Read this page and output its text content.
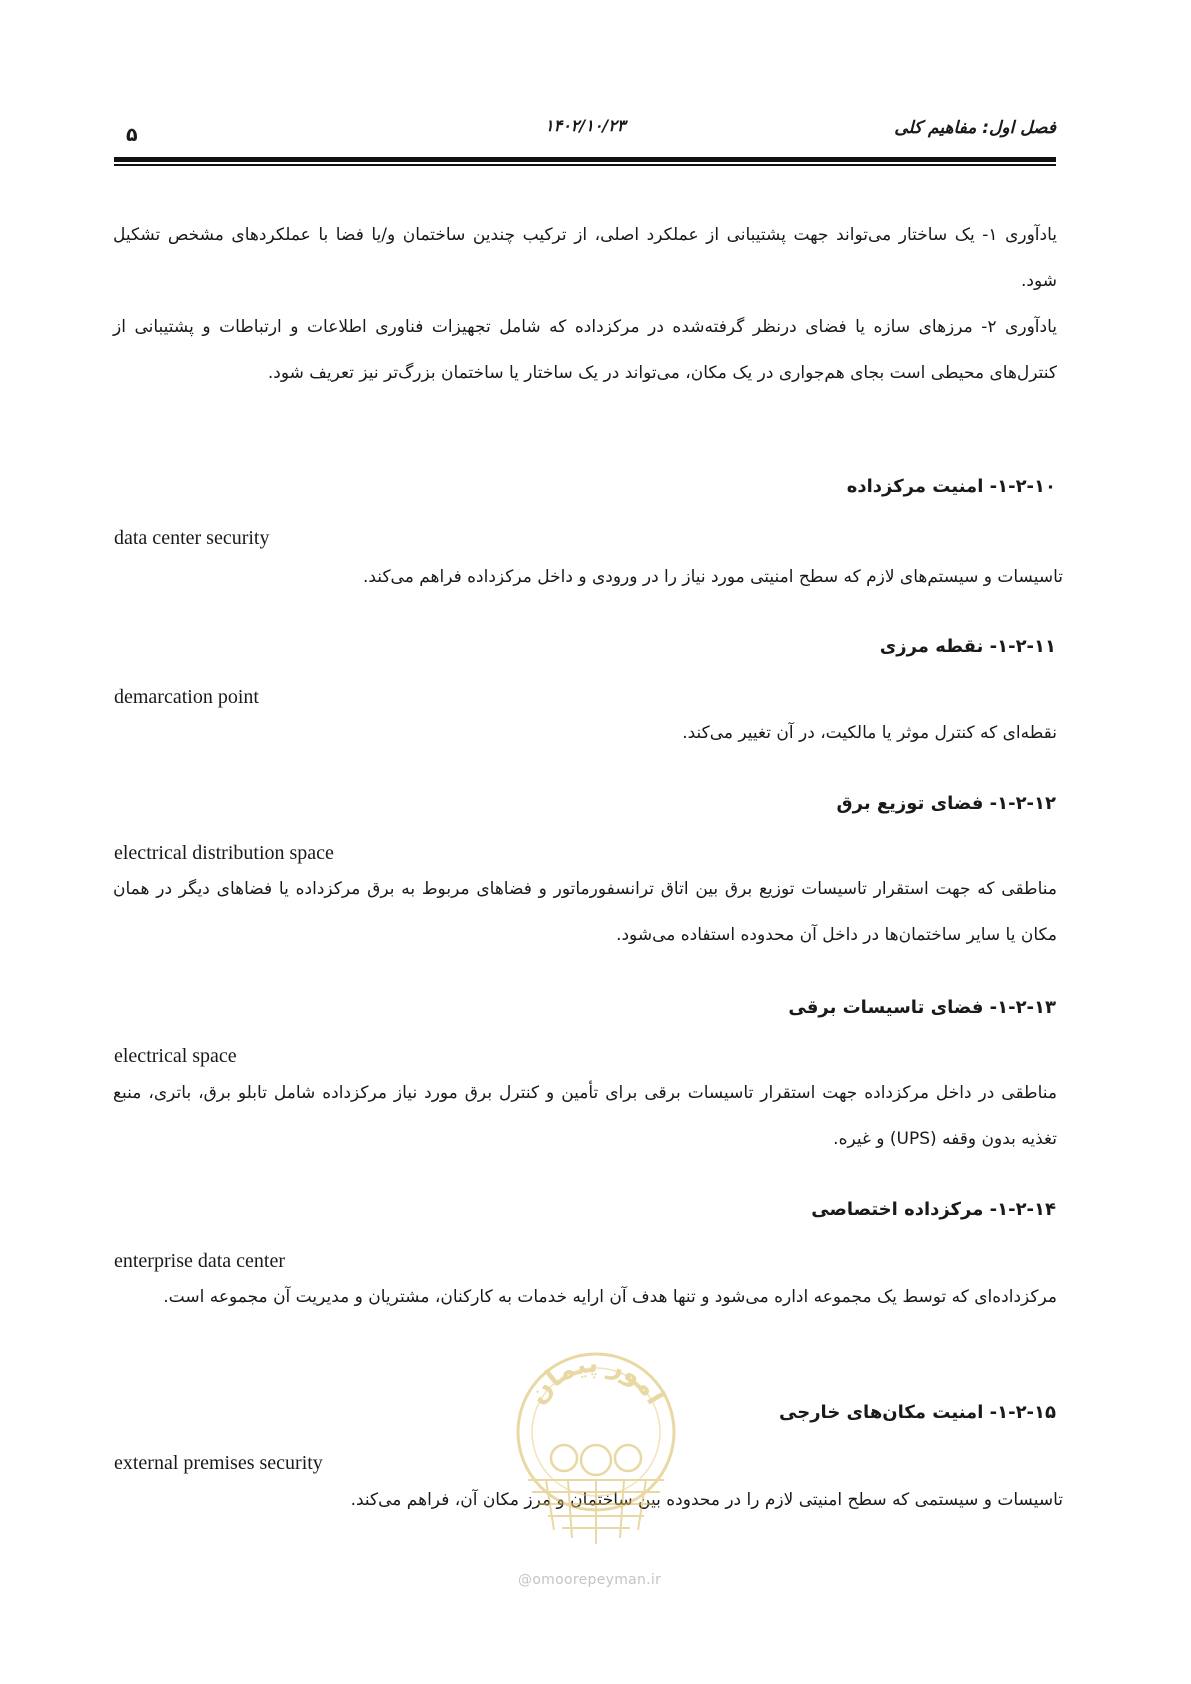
فصل اول: مفاهیم کلی
۱۴۰۲/۱۰/۲۳
۵
یادآوری ۱- یک ساختار می‌تواند جهت پشتیبانی از عملکرد اصلی، از ترکیب چندین ساختمان و/یا فضا با عملکردهای مشخص تشکیل شود.
یادآوری ۲- مرزهای سازه یا فضای درنظر گرفته‌شده در مرکزداده که شامل تجهیزات فناوری اطلاعات و ارتباطات و پشتیبانی از کنترل‌های محیطی است بجای هم‌جواری در یک مکان، می‌تواند در یک ساختار یا ساختمان بزرگ‌تر نیز تعریف شود.
۱-۲-۱۰- امنیت مرکزداده
data center security
تاسیسات و سیستم‌های لازم که سطح امنیتی مورد نیاز را در ورودی و داخل مرکزداده فراهم می‌کند.
۱-۲-۱۱- نقطه مرزی
demarcation point
نقطه‌ای که کنترل موثر یا مالکیت، در آن تغییر می‌کند.
۱-۲-۱۲- فضای توزیع برق
electrical distribution space
مناطقی که جهت استقرار تاسیسات توزیع برق بین اتاق ترانسفورماتور و فضاهای مربوط به برق مرکزداده یا فضاهای دیگر در همان مکان یا سایر ساختمان‌ها در داخل آن محدوده استفاده می‌شود.
۱-۲-۱۳- فضای تاسیسات برقی
electrical space
مناطقی در داخل مرکزداده جهت استقرار تاسیسات برقی برای تأمین و کنترل برق مورد نیاز مرکزداده شامل تابلو برق، باتری، منبع تغذیه بدون وقفه (UPS) و غیره.
۱-۲-۱۴- مرکزداده اختصاصی
enterprise data center
مرکزداده‌ای که توسط یک مجموعه اداره می‌شود و تنها هدف آن ارایه خدمات به کارکنان، مشتریان و مدیریت آن مجموعه است.
۱-۲-۱۵- امنیت مکان‌های خارجی
external premises security
تاسیسات و سیستمی که سطح امنیتی لازم را در محدوده بین ساختمان و مرز مکان آن، فراهم می‌کند.
امور پیمان
@omoorepeyman.ir
